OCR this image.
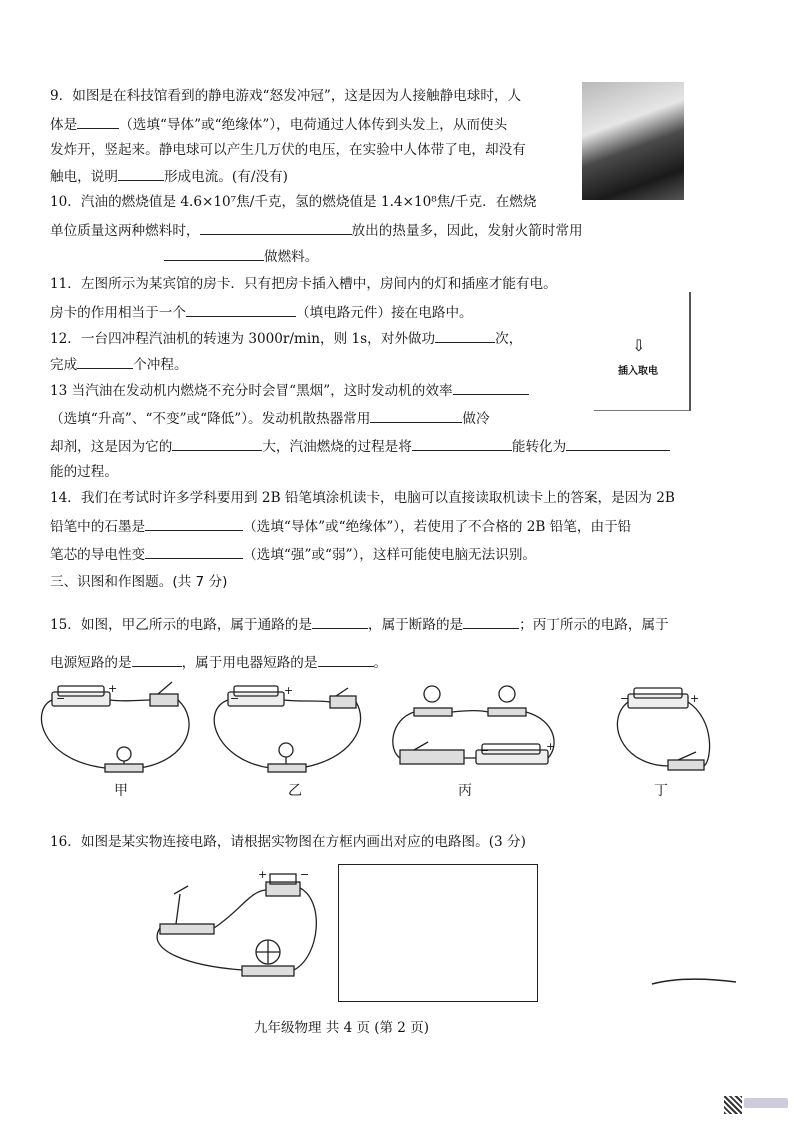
9．如图是在科技馆看到的静电游戏“怒发冲冠”，这是因为人接触静电球时，人
体是	（选填“导体”或“绝缘体”），电荷通过人体传到头发上，从而使头
发炸开，竖起来。静电球可以产生几万伏的电压，在实验中人体带了电，却没有
触电，说明	形成电流。(有/没有)
10．汽油的燃烧值是 4.6×10⁷焦/千克，氢的燃烧值是 1.4×10⁸焦/千克．在燃烧
单位质量这两种燃料时，	放出的热量多，因此，发射火箭时常用
做燃料。
11．左图所示为某宾馆的房卡．只有把房卡插入槽中，房间内的灯和插座才能有电。
房卡的作用相当于一个	（填电路元件）接在电路中。
⇩
插入取电
12．一台四冲程汽油机的转速为 3000r/min，则 1s，对外做功	次，
完成	个冲程。
13 当汽油在发动机内燃烧不充分时会冒“黑烟”，这时发动机的效率
（选填“升高”、“不变”或“降低”）。发动机散热器常用	做冷
却剂，这是因为它的	大，汽油燃烧的过程是将	能转化为
能的过程。
14．我们在考试时许多学科要用到 2B 铅笔填涂机读卡，电脑可以直接读取机读卡上的答案，是因为 2B
铅笔中的石墨是	（选填“导体”或“绝缘体”），若使用了不合格的 2B 铅笔，由于铅
笔芯的导电性变	（选填“强”或“弱”），这样可能使电脑无法识别。
三、识图和作图题。(共 7 分)
15．如图，甲乙所示的电路，属于通路的是	，属于断路的是	；丙丁所示的电路，属于
电源短路的是	，属于用电器短路的是	。
−
+
−
+
−	+
−	+
甲	乙	丙	丁
16．如图是某实物连接电路，请根据实物图在方框内画出对应的电路图。(3 分)
+	−
九年级物理 共 4 页 (第 2 页)
